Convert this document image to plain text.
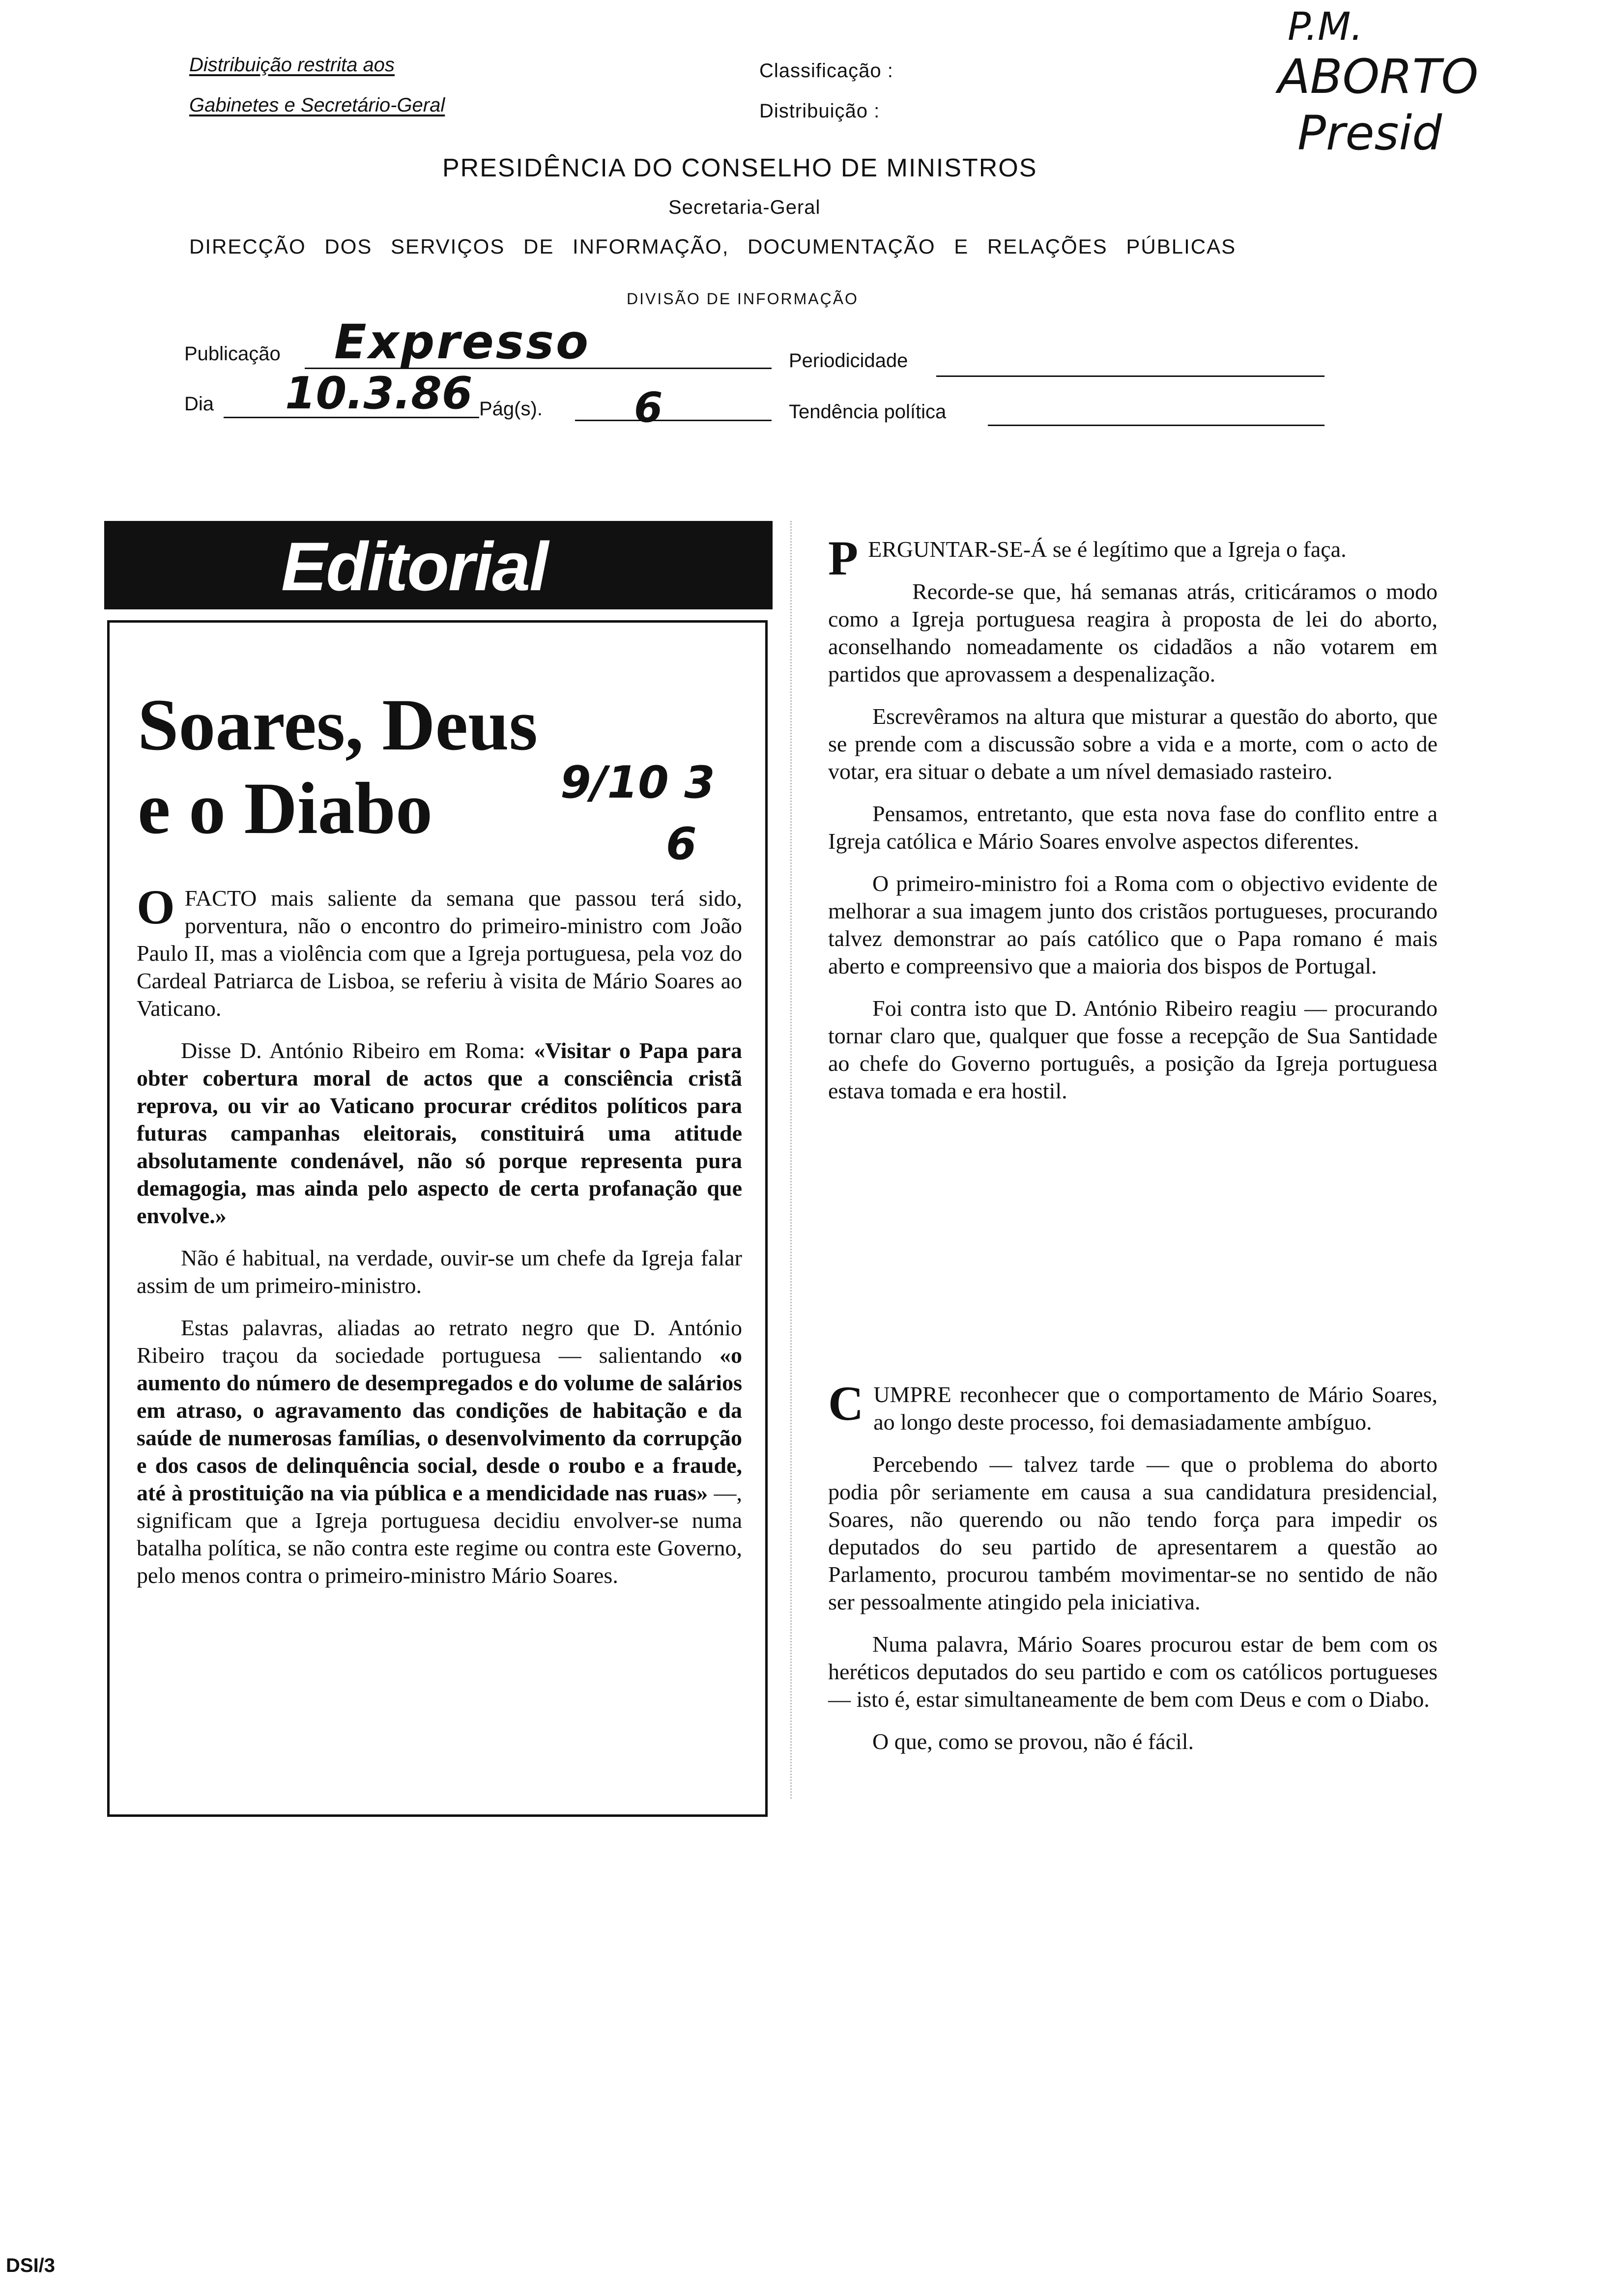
Distribuição restrita aos
Gabinetes e Secretário-Geral
Classificação :
Distribuição :
P.M.
ABORTO
Presid
PRESIDÊNCIA DO CONSELHO DE MINISTROS
Secretaria-Geral
DIRECÇÃO DOS SERVIÇOS DE INFORMAÇÃO, DOCUMENTAÇÃO E RELAÇÕES PÚBLICAS
DIVISÃO DE INFORMAÇÃO
Publicação Expresso	Periodicidade
Dia 10.3.86 Pág(s). 6	Tendência política
Editorial
Soares, Deus
e o Diabo	9/10 3
6

OFACTO mais saliente da semana que passou terá sido, porventura, não o encontro do primeiro-ministro com João Paulo II, mas a violência com que a Igreja portuguesa, pela voz do Cardeal Patriarca de Lisboa, se referiu à visita de Mário Soares ao Vaticano.

Disse D. António Ribeiro em Roma: «Visitar o Papa para obter cobertura moral de actos que a consciência cristã reprova, ou vir ao Vaticano procurar créditos políticos para futuras campanhas eleitorais, constituirá uma atitude absolutamente condenável, não só porque representa pura demagogia, mas ainda pelo aspecto de certa profanação que envolve.»

Não é habitual, na verdade, ouvir-se um chefe da Igreja falar assim de um primeiro-ministro.

Estas palavras, aliadas ao retrato negro que D. António Ribeiro traçou da sociedade portuguesa — salientando «o aumento do número de desempregados e do volume de salários em atraso, o agravamento das condições de habitação e da saúde de numerosas famílias, o desenvolvimento da corrupção e dos casos de delinquência social, desde o roubo e a fraude, até à prostituição na via pública e a mendicidade nas ruas» —, significam que a Igreja portuguesa decidiu envolver-se numa batalha política, se não contra este regime ou contra este Governo, pelo menos contra o primeiro-ministro Mário Soares.

PERGUNTAR-SE-Á se é legítimo que a Igreja o faça.

Recorde-se que, há semanas atrás, criticáramos o modo como a Igreja portuguesa reagira à proposta de lei do aborto, aconselhando nomeadamente os cidadãos a não votarem em partidos que aprovassem a despenalização.

Escrevêramos na altura que misturar a questão do aborto, que se prende com a discussão sobre a vida e a morte, com o acto de votar, era situar o debate a um nível demasiado rasteiro.

Pensamos, entretanto, que esta nova fase do conflito entre a Igreja católica e Mário Soares envolve aspectos diferentes.

O primeiro-ministro foi a Roma com o objectivo evidente de melhorar a sua imagem junto dos cristãos portugueses, procurando talvez demonstrar ao país católico que o Papa romano é mais aberto e compreensivo que a maioria dos bispos de Portugal.

Foi contra isto que D. António Ribeiro reagiu — procurando tornar claro que, qualquer que fosse a recepção de Sua Santidade ao chefe do Governo português, a posição da Igreja portuguesa estava tomada e era hostil.

CUMPRE reconhecer que o comportamento de Mário Soares, ao longo deste processo, foi demasiadamente ambíguo.

Percebendo — talvez tarde — que o problema do aborto podia pôr seriamente em causa a sua candidatura presidencial, Soares, não querendo ou não tendo força para impedir os deputados do seu partido de apresentarem a questão ao Parlamento, procurou também movimentar-se no sentido de não ser pessoalmente atingido pela iniciativa.

Numa palavra, Mário Soares procurou estar de bem com os heréticos deputados do seu partido e com os católicos portugueses — isto é, estar simultaneamente de bem com Deus e com o Diabo.

O que, como se provou, não é fácil.

DSI/3
